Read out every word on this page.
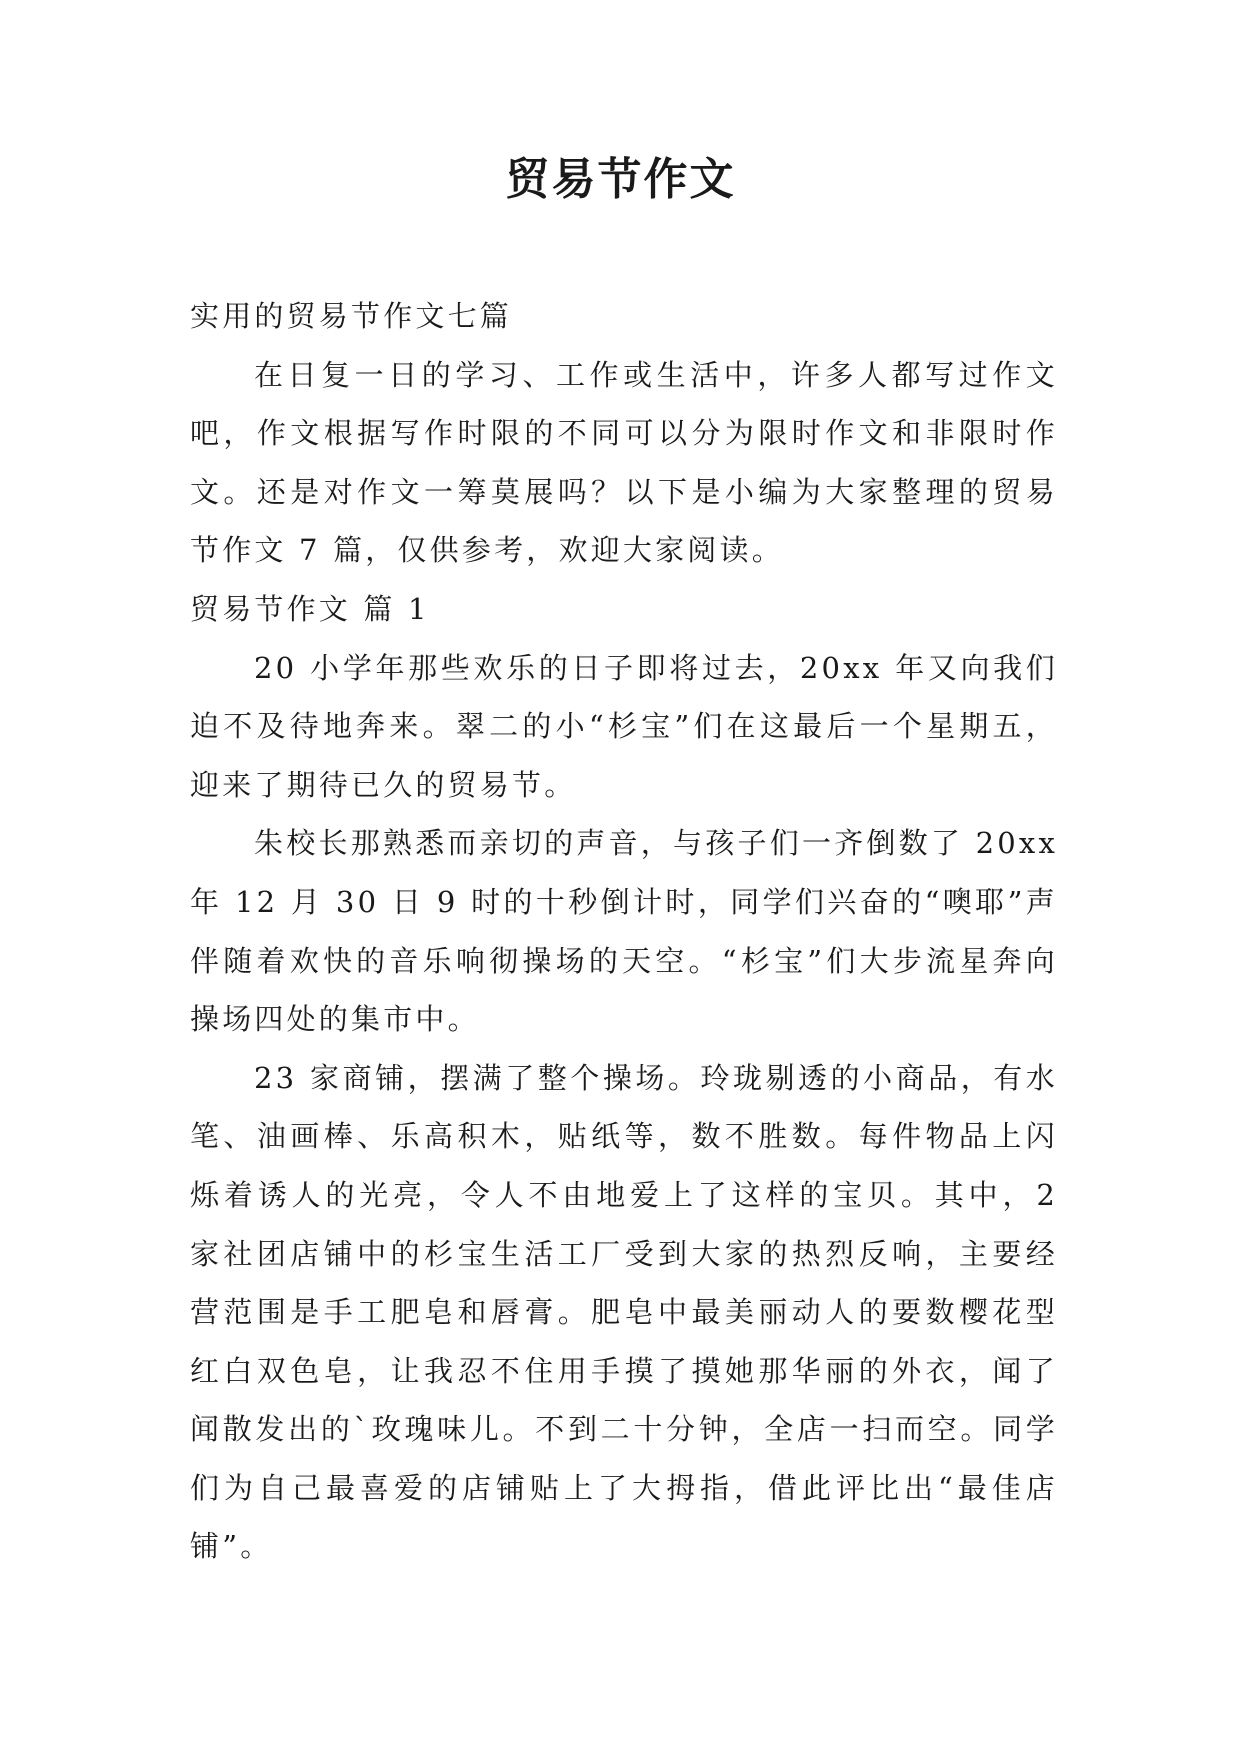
贸易节作文

实用的贸易节作文七篇

在日复一日的学习、工作或生活中，许多人都写过作文吧，作文根据写作时限的不同可以分为限时作文和非限时作文。还是对作文一筹莫展吗？以下是小编为大家整理的贸易节作文 7 篇，仅供参考，欢迎大家阅读。

贸易节作文 篇 1

20 小学年那些欢乐的日子即将过去，20xx 年又向我们迫不及待地奔来。翠二的小“杉宝”们在这最后一个星期五，迎来了期待已久的贸易节。

朱校长那熟悉而亲切的声音，与孩子们一齐倒数了 20xx 年 12 月 30 日 9 时的十秒倒计时，同学们兴奋的“噢耶”声伴随着欢快的音乐响彻操场的天空。“杉宝”们大步流星奔向操场四处的集市中。

23 家商铺，摆满了整个操场。玲珑剔透的小商品，有水笔、油画棒、乐高积木，贴纸等，数不胜数。每件物品上闪烁着诱人的光亮，令人不由地爱上了这样的宝贝。其中，2 家社团店铺中的杉宝生活工厂受到大家的热烈反响，主要经营范围是手工肥皂和唇膏。肥皂中最美丽动人的要数樱花型红白双色皂，让我忍不住用手摸了摸她那华丽的外衣，闻了闻散发出的`玫瑰味儿。不到二十分钟，全店一扫而空。同学们为自己最喜爱的店铺贴上了大拇指，借此评比出“最佳店铺”。
